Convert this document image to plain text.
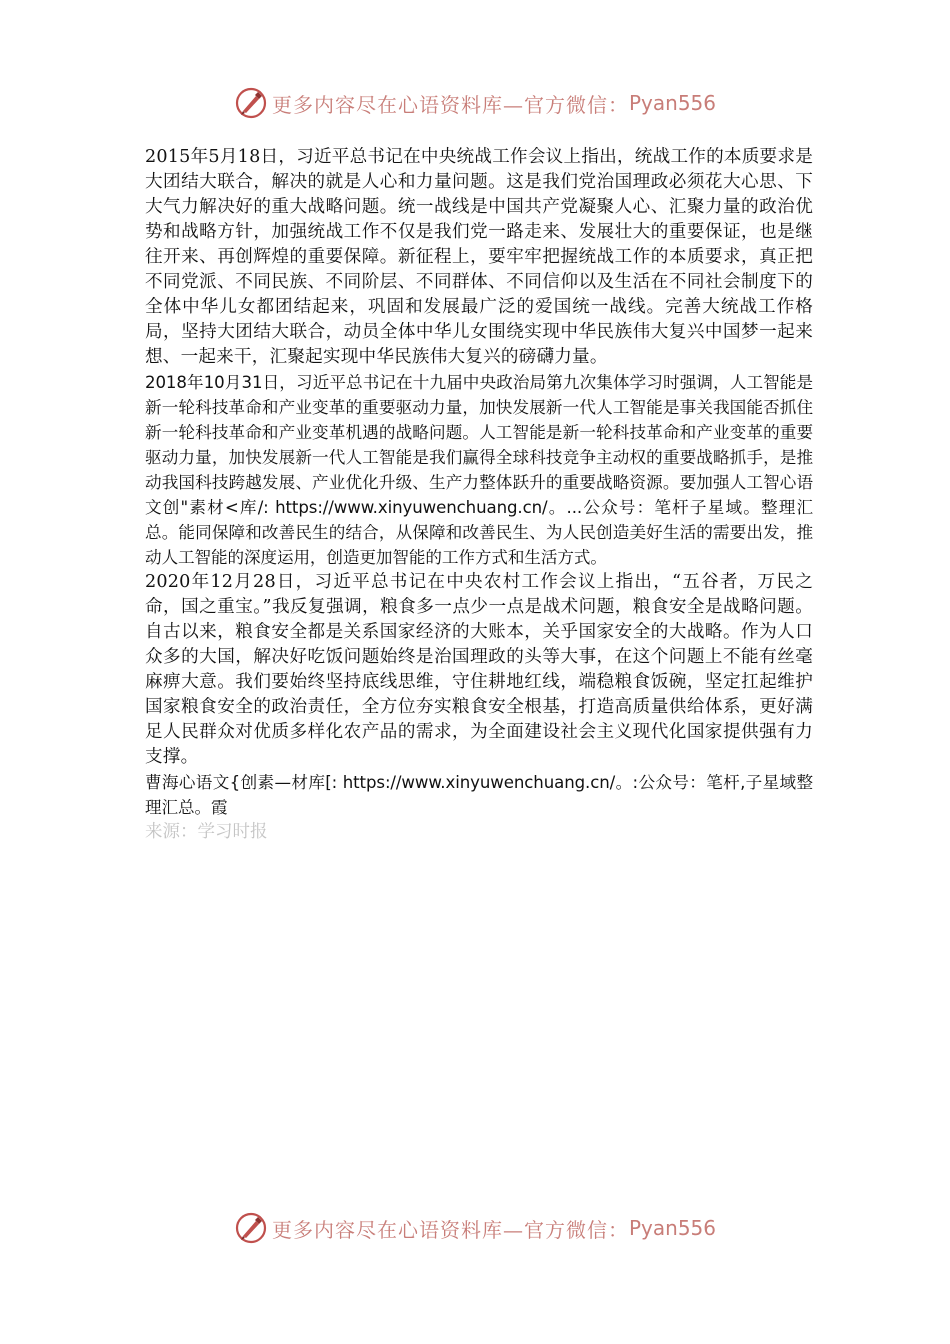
更多内容尽在心语资料库—官方微信： Pyan556

2015年5月18日，习近平总书记在中央统战工作会议上指出，统战工作的本质要求是大团结大联合，解决的就是人心和力量问题。这是我们党治国理政必须花大心思、下大气力解决好的重大战略问题。统一战线是中国共产党凝聚人心、汇聚力量的政治优势和战略方针，加强统战工作不仅是我们党一路走来、发展壮大的重要保证，也是继往开来、再创辉煌的重要保障。新征程上，要牢牢把握统战工作的本质要求，真正把不同党派、不同民族、不同阶层、不同群体、不同信仰以及生活在不同社会制度下的全体中华儿女都团结起来，巩固和发展最广泛的爱国统一战线。完善大统战工作格局，坚持大团结大联合，动员全体中华儿女围绕实现中华民族伟大复兴中国梦一起来想、一起来干，汇聚起实现中华民族伟大复兴的磅礴力量。

2018年10月31日，习近平总书记在十九届中央政治局第九次集体学习时强调，人工智能是新一轮科技革命和产业变革的重要驱动力量，加快发展新一代人工智能是事关我国能否抓住新一轮科技革命和产业变革机遇的战略问题。人工智能是新一轮科技革命和产业变革的重要驱动力量，加快发展新一代人工智能是我们赢得全球科技竞争主动权的重要战略抓手，是推动我国科技跨越发展、产业优化升级、生产力整体跃升的重要战略资源。要加强人工智心语文创"素材<库/: https://www.xinyuwenchuang.cn/。...公众号：笔杆子星域。整理汇总。能同保障和改善民生的结合，从保障和改善民生、为人民创造美好生活的需要出发，推动人工智能的深度运用，创造更加智能的工作方式和生活方式。

2020年12月28日，习近平总书记在中央农村工作会议上指出，“五谷者，万民之命，国之重宝。”我反复强调，粮食多一点少一点是战术问题，粮食安全是战略问题。自古以来，粮食安全都是关系国家经济的大账本，关乎国家安全的大战略。作为人口众多的大国，解决好吃饭问题始终是治国理政的头等大事，在这个问题上不能有丝毫麻痹大意。我们要始终坚持底线思维，守住耕地红线，端稳粮食饭碗，坚定扛起维护国家粮食安全的政治责任，全方位夯实粮食安全根基，打造高质量供给体系，更好满足人民群众对优质多样化农产品的需求，为全面建设社会主义现代化国家提供强有力支撑。

曹海心语文{创素—材库[: https://www.xinyuwenchuang.cn/。:公众号：笔杆,子星域整理汇总。霞

来源：学习时报

更多内容尽在心语资料库—官方微信： Pyan556
